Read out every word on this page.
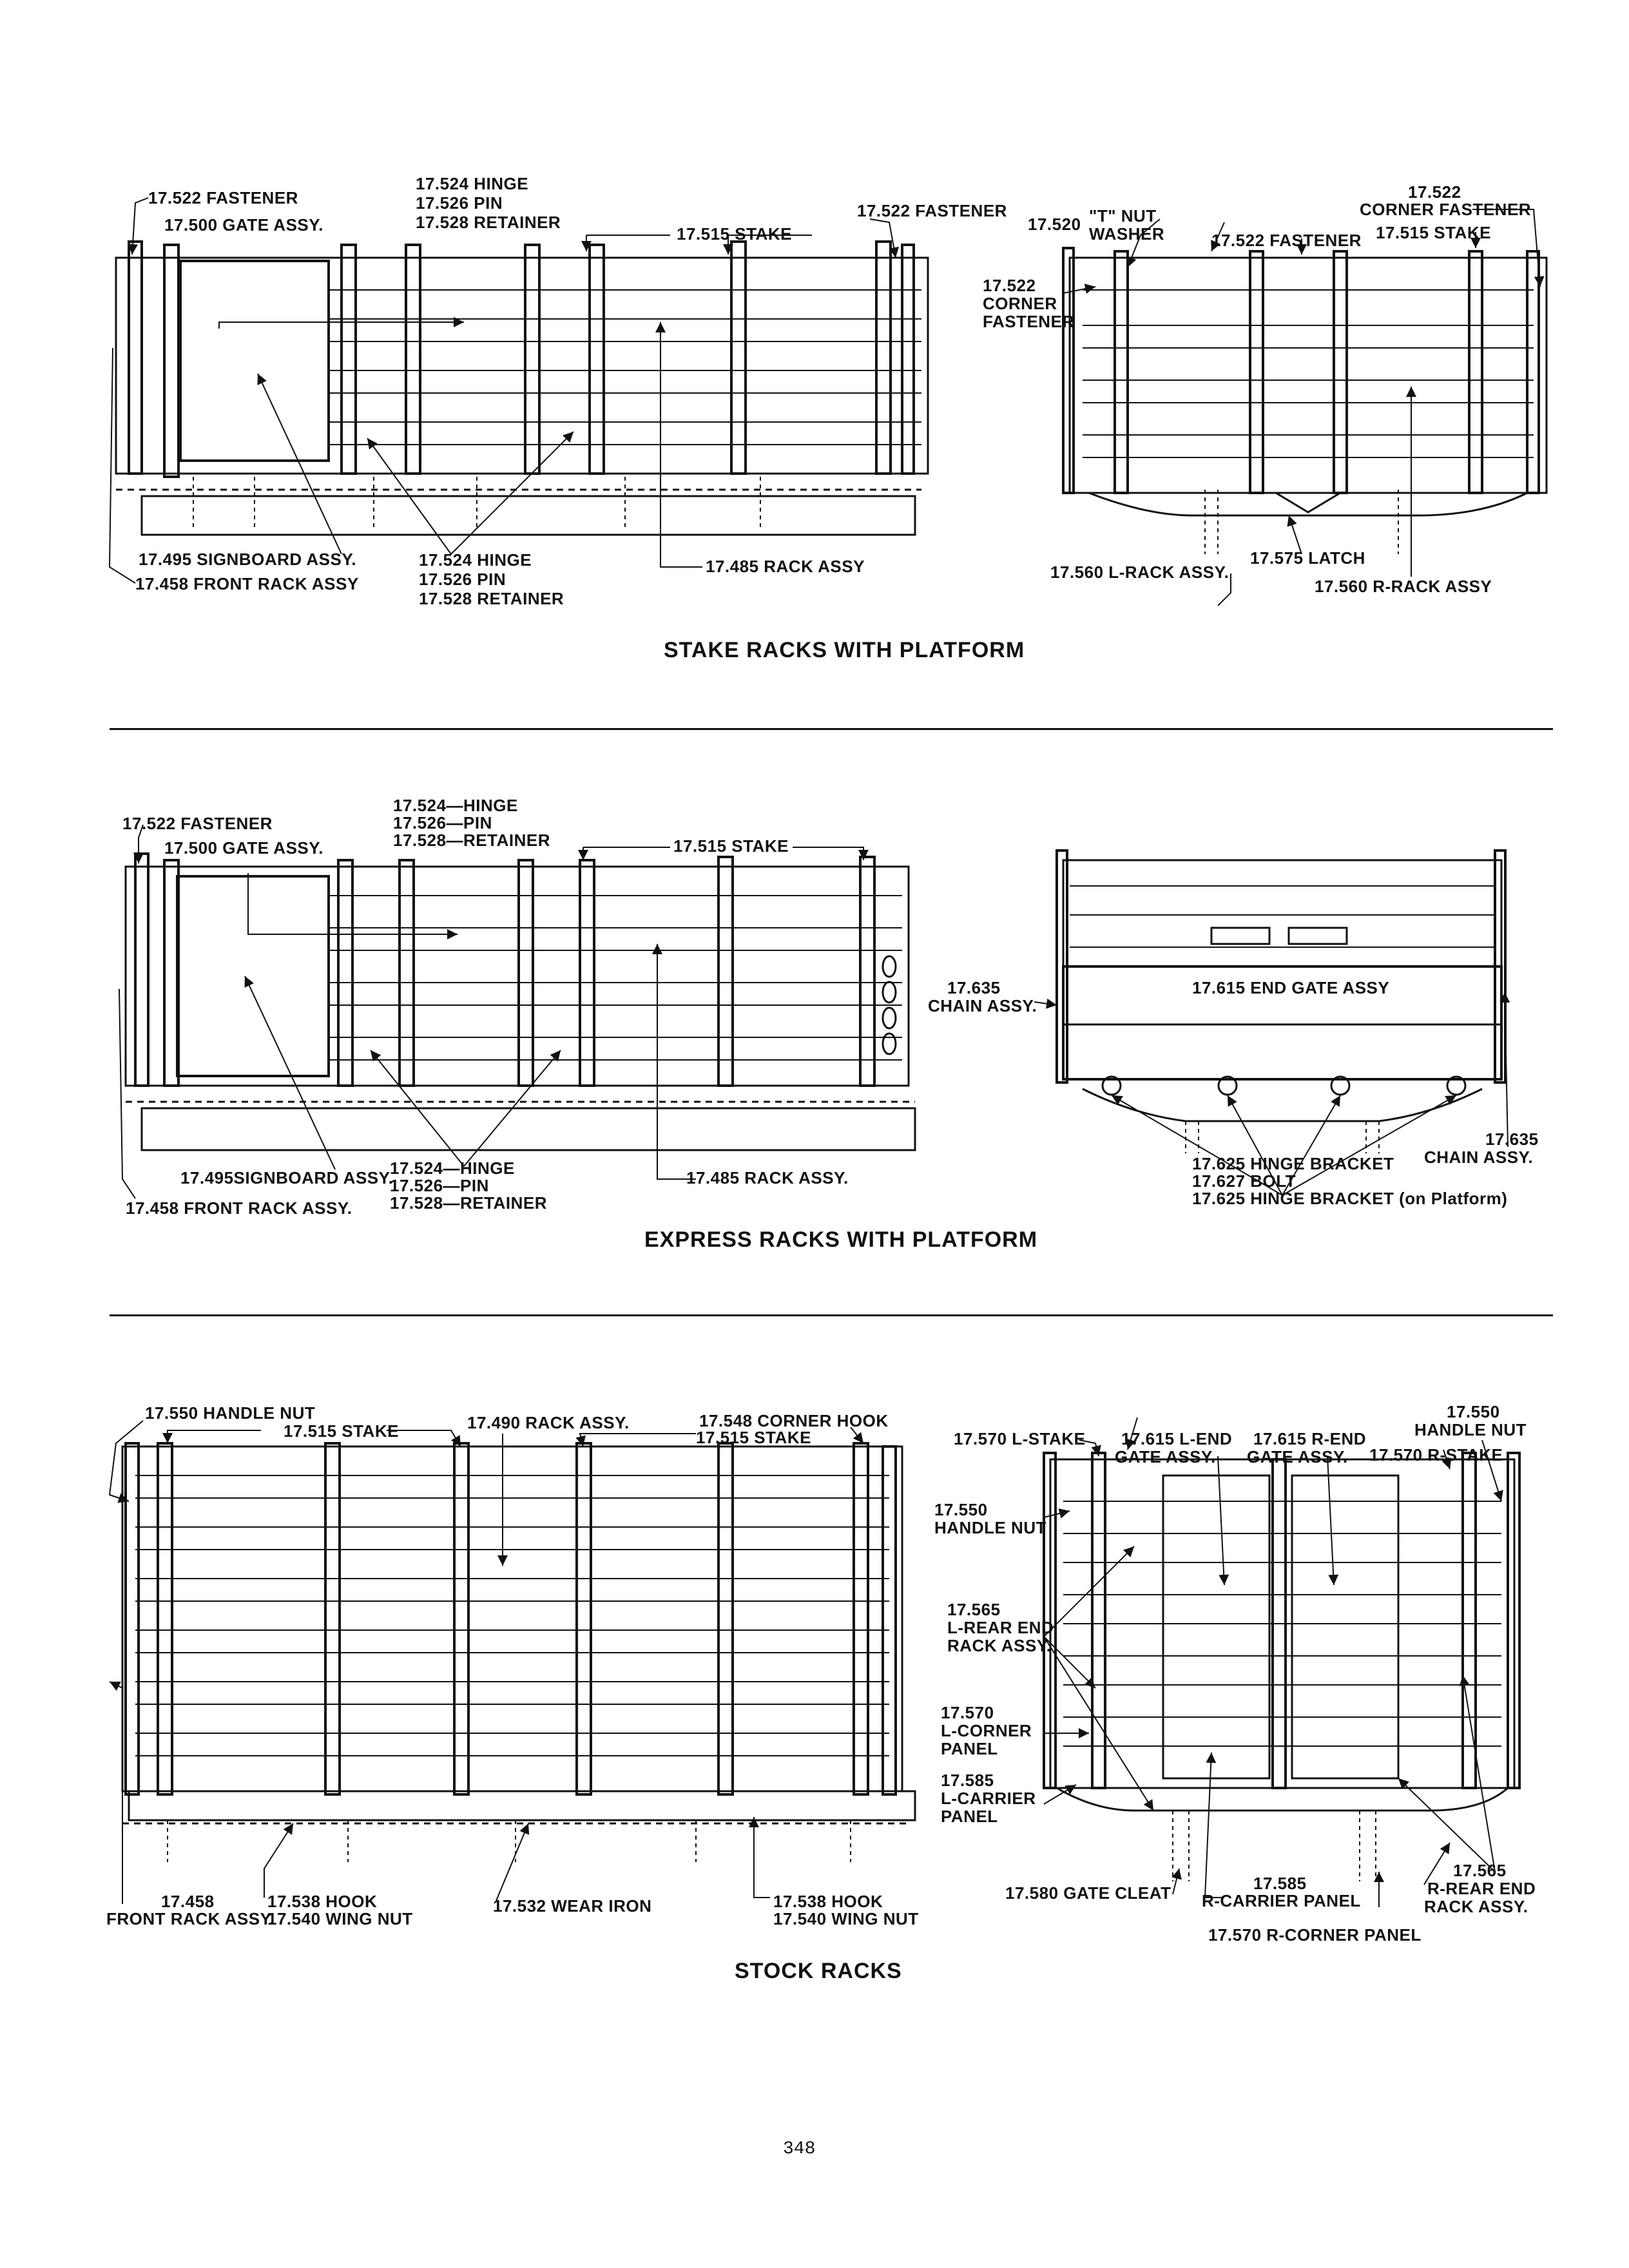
17.522 FASTENER
17.500 GATE ASSY.
17.524 HINGE
17.526 PIN
17.528 RETAINER
17.515 STAKE
17.522 FASTENER
17.495 SIGNBOARD ASSY.
17.458 FRONT RACK ASSY
17.524 HINGE
17.526 PIN
17.528 RETAINER
17.485 RACK ASSY
17.520 "T" NUT
WASHER	17.522 FASTENER
17.522
CORNER FASTENER
17.515 STAKE
17.522
CORNER
FASTENER
17.560 L-RACK ASSY.
17.575 LATCH
17.560 R-RACK ASSY
STAKE RACKS WITH PLATFORM
17.522 FASTENER
17.500 GATE ASSY.
17.524—HINGE
17.526—PIN
17.528—RETAINER	17.515 STAKE
17.495SIGNBOARD ASSY.
17.458 FRONT RACK ASSY.
17.524—HINGE
17.526—PIN
17.528—RETAINER
17.485 RACK ASSY.
17.635
CHAIN ASSY.
17.615 END GATE ASSY
17.635
CHAIN ASSY.
17.625 HINGE BRACKET
17.627 BOLT
17.625 HINGE BRACKET (on Platform)
EXPRESS RACKS WITH PLATFORM
17.550 HANDLE NUT
17.515 STAKE	17.490 RACK ASSY.	17.548 CORNER HOOK
17.515 STAKE
17.458
FRONT RACK ASSY.
17.538 HOOK
17.540 WING NUT
17.532 WEAR IRON	17.538 HOOK
17.540 WING NUT
17.570 L-STAKE 17.615 L-END
GATE ASSY.
17.615 R-END
GATE ASSY.
17.550
HANDLE NUT
17.570 R-STAKE
17.550
HANDLE NUT
17.565
L-REAR END
RACK ASSY.
17.570
L-CORNER
PANEL
17.585
L-CARRIER
PANEL
17.580 GATE CLEAT	17.585
R-CARRIER PANEL
17.570 R-CORNER PANEL
17.565
R-REAR END
RACK ASSY.
STOCK RACKS
348
